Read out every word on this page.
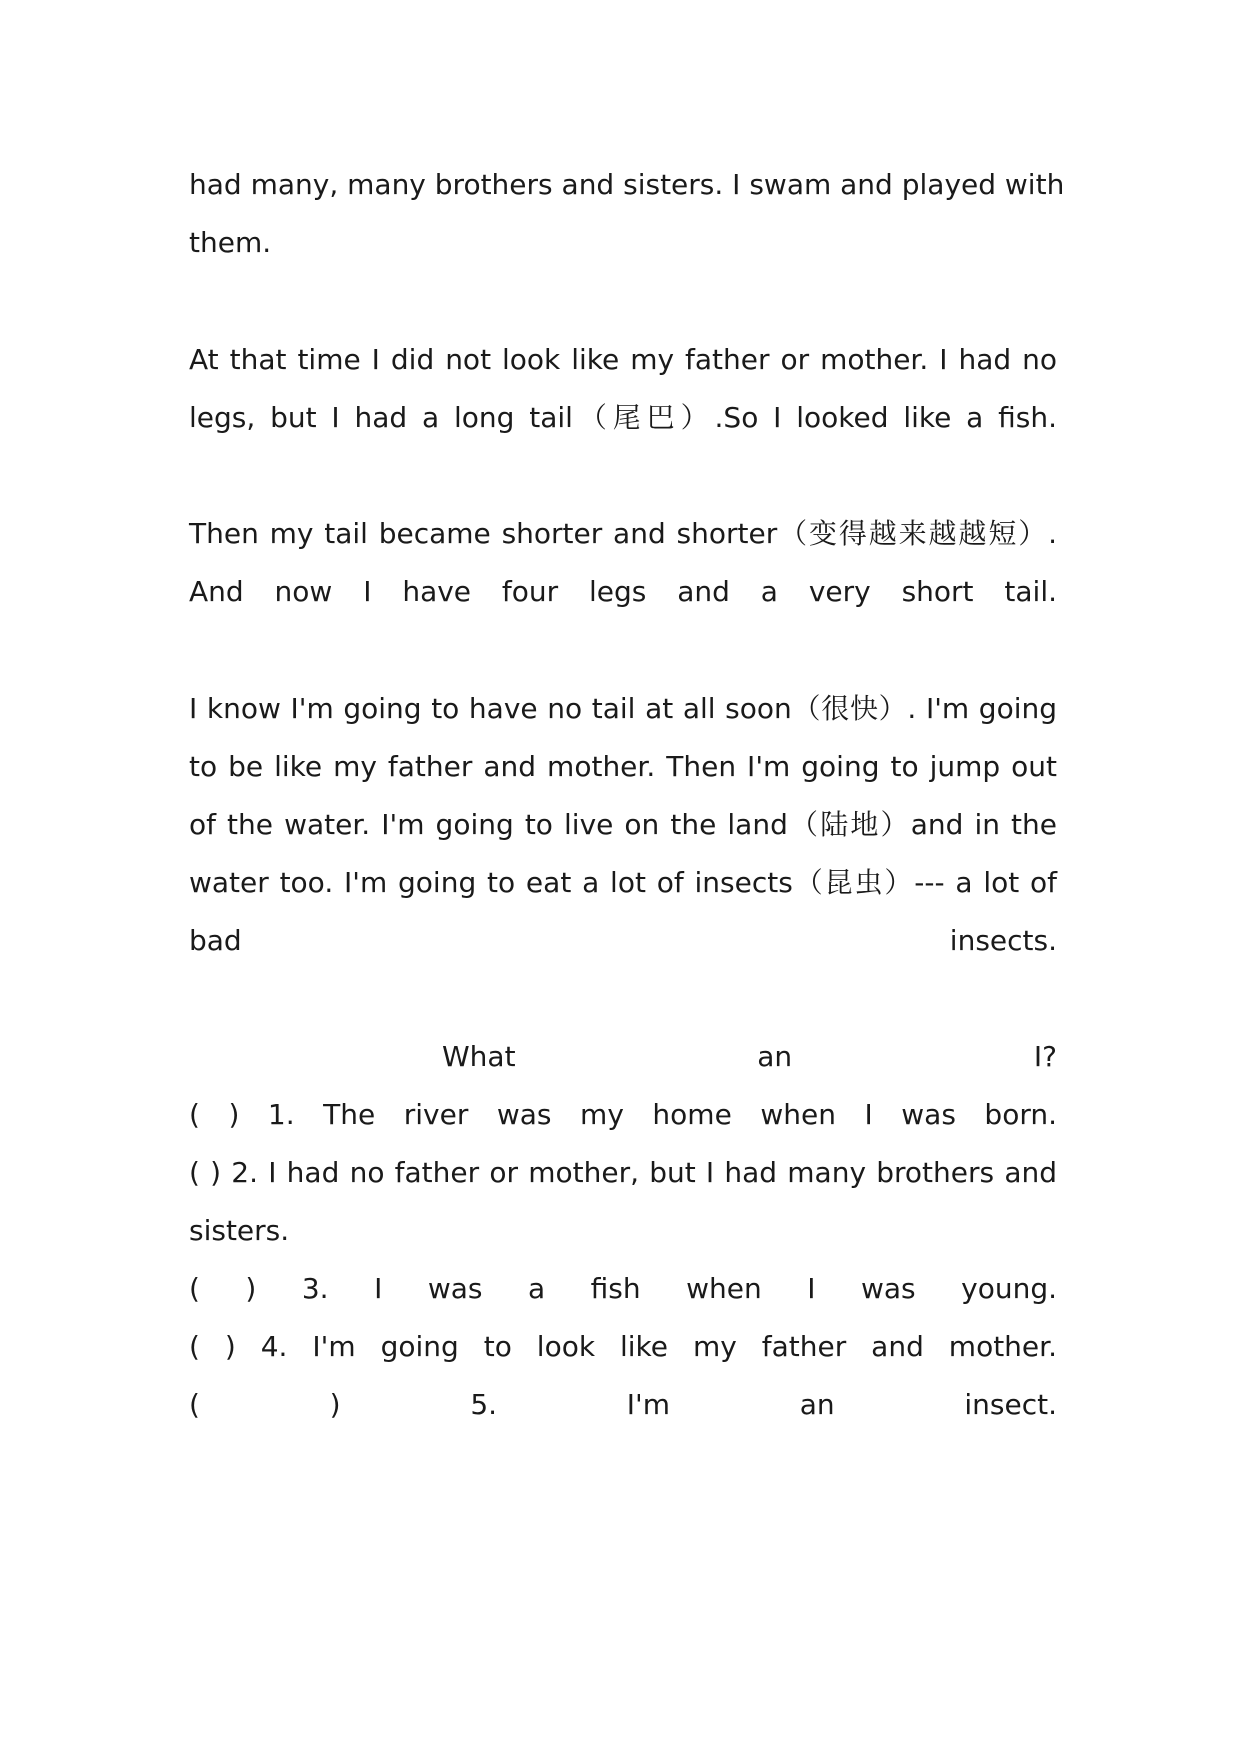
had many, many brothers and sisters. I swam and played with
them.
At that time I did not look like my father or mother. I had no
legs, but I had a long tail（尾巴）.So I looked like a fish.
Then my tail became shorter and shorter（变得越来越越短）.
And now I have four legs and a very short tail.
I know I'm going to have no tail at all soon（很快）. I'm going
to be like my father and mother. Then I'm going to jump out
of the water. I'm going to live on the land（陆地）and in the
water too. I'm going to eat a lot of insects（昆虫）--- a lot of
bad insects.
What an I?
( ) 1. The river was my home when I was born.
( ) 2. I had no father or mother, but I had many brothers and
sisters.
( ) 3. I was a fish when I was young.
( ) 4. I'm going to look like my father and mother.
( ) 5. I'm an insect.
